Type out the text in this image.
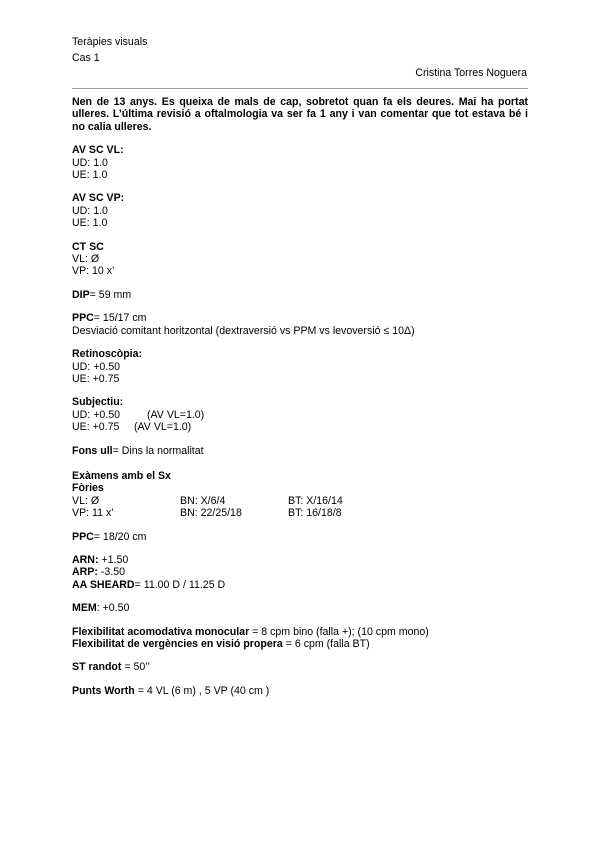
Teràpies visuals
Cas 1
Cristina Torres Noguera

Nen de 13 anys. Es queixa de mals de cap, sobretot quan fa els deures. Mai ha portat ulleres. L’última revisió a oftalmologia va ser fa 1 any i van comentar que tot estava bé i no calia ulleres.

AV SC VL:
UD: 1.0
UE: 1.0
AV SC VP:
UD: 1.0
UE: 1.0
CT SC
VL: Ø
VP: 10 x’
DIP= 59 mm
PPC= 15/17 cm
Desviació comitant horitzontal (dextraversió vs PPM vs levoversió ≤ 10Δ)
Retinoscòpia:
UD: +0.50
UE: +0.75
Subjectiu:
UD: +0.50	(AV VL=1.0)
UE: +0.75 (AV VL=1.0)
Fons ull= Dins la normalitat
Exàmens amb el Sx
Fòries
VL: Ø	BN: X/6/4	BT: X/16/14
VP: 11 x’	BN: 22/25/18	BT: 16/18/8
PPC= 18/20 cm
ARN: +1.50
ARP: -3.50
AA SHEARD= 11.00 D / 11.25 D
MEM: +0.50
Flexibilitat acomodativa monocular = 8 cpm bino (falla +); (10 cpm mono)
Flexibilitat de vergències en visió propera = 6 cpm (falla BT)
ST randot = 50’’
Punts Worth = 4 VL (6 m) , 5 VP (40 cm )
